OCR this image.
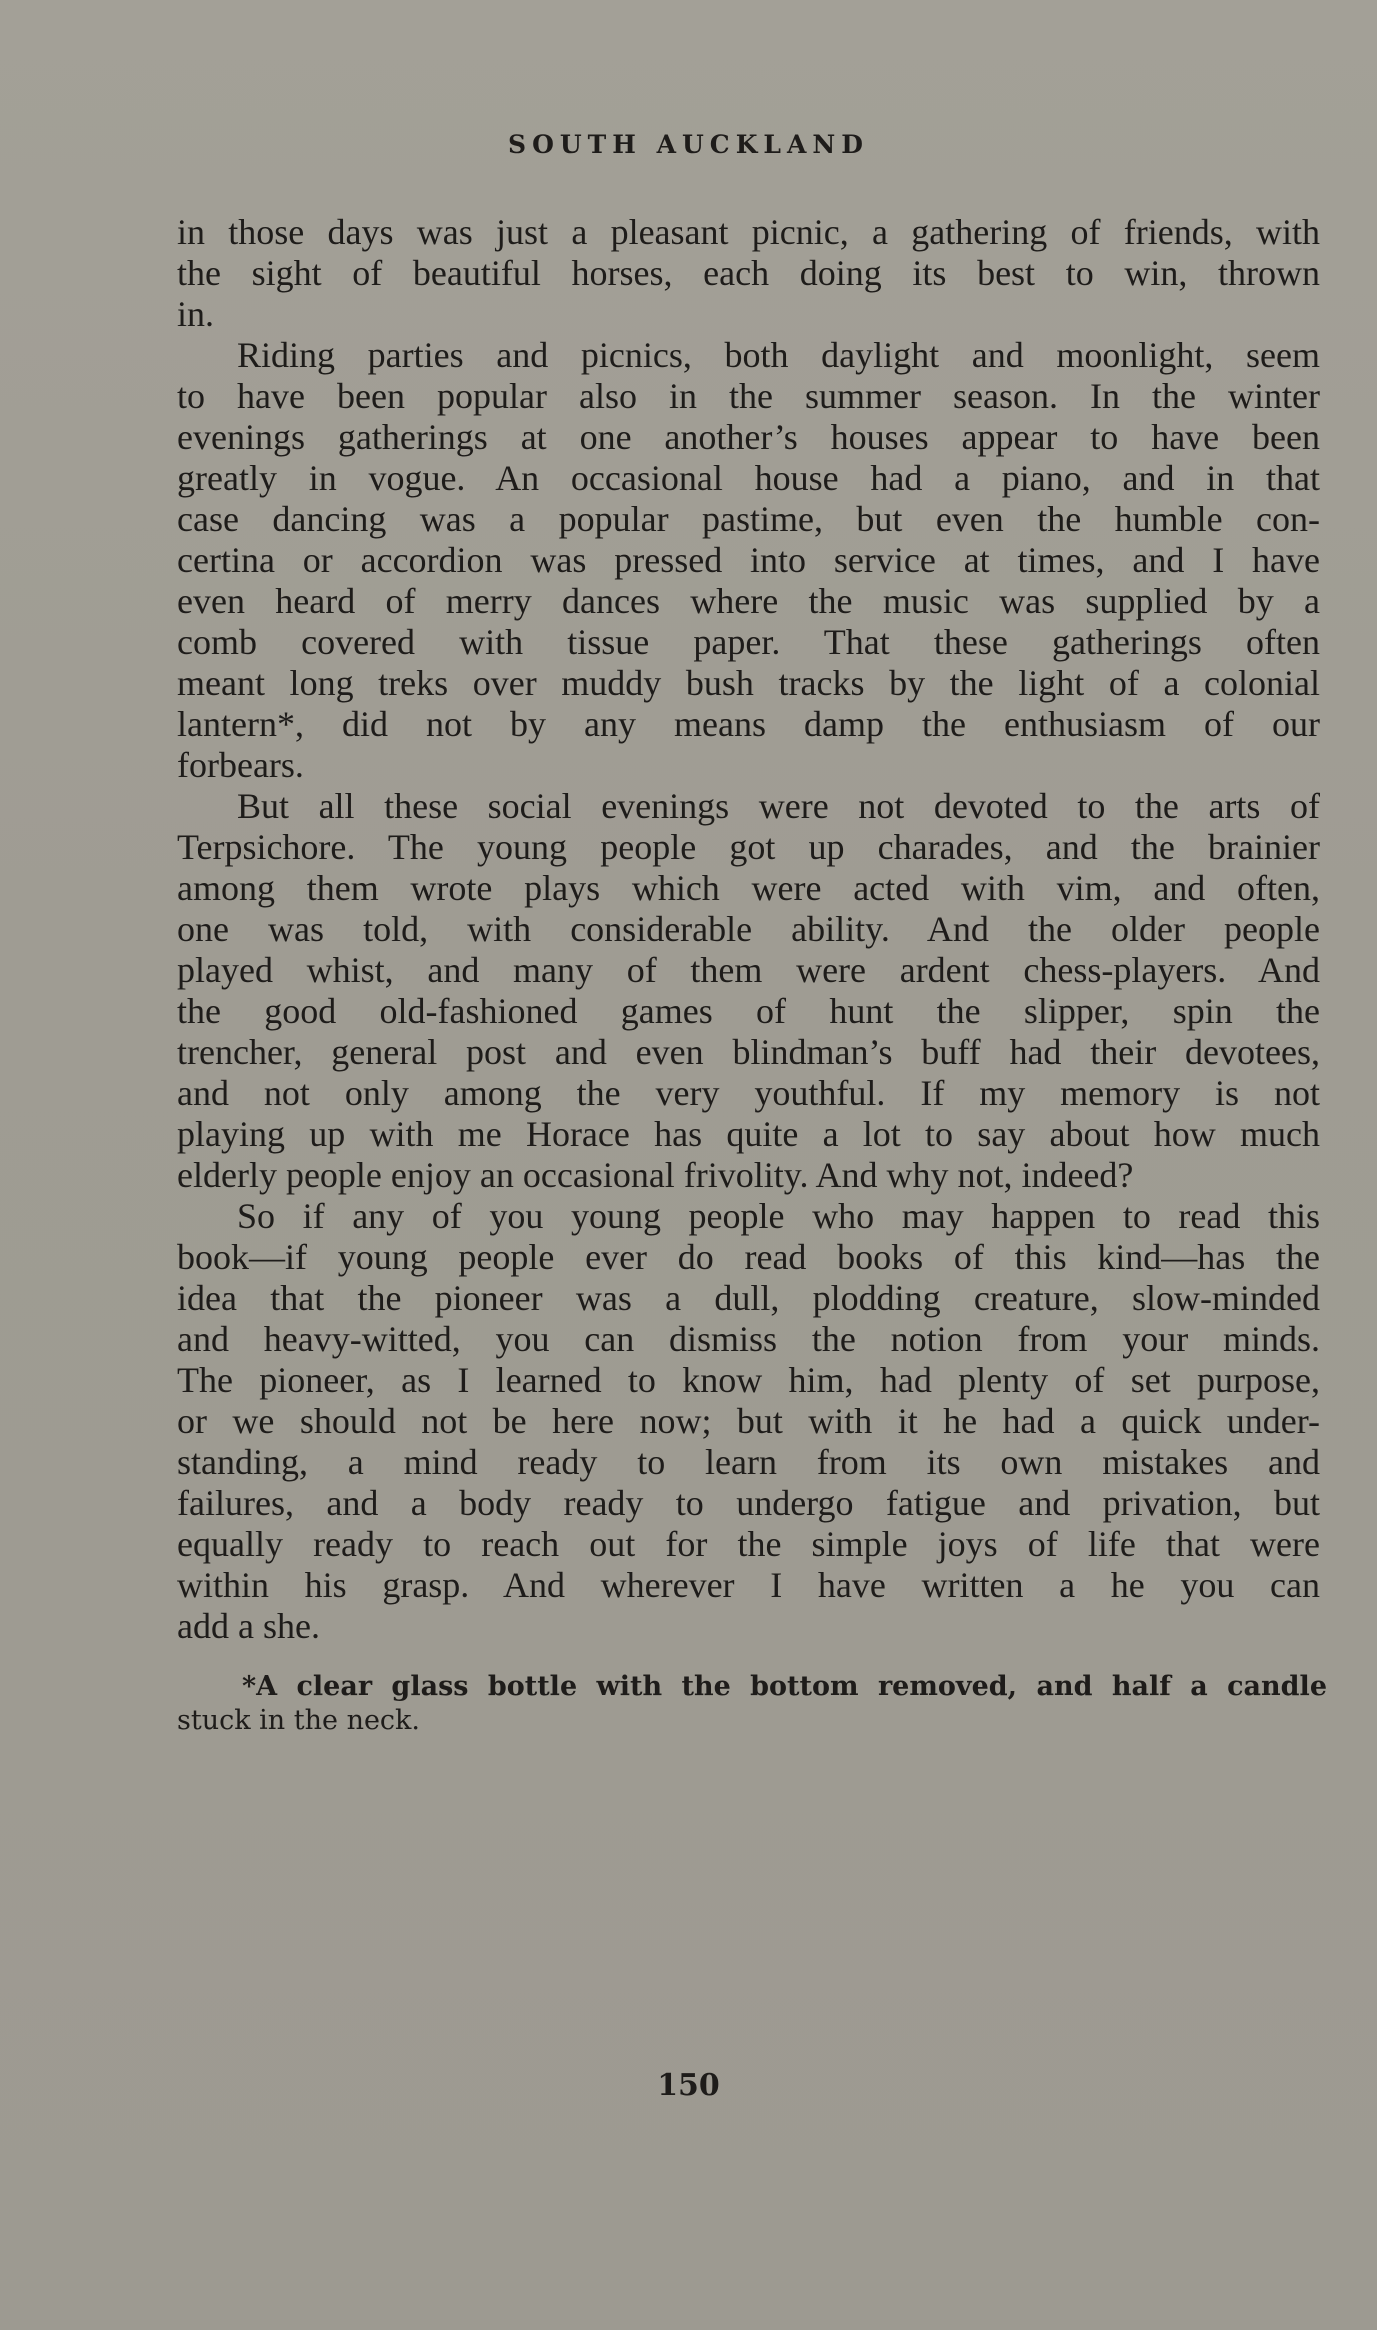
SOUTH AUCKLAND
in those days was just a pleasant picnic, a gathering of friends, with
the sight of beautiful horses, each doing its best to win, thrown
in.
Riding parties and picnics, both daylight and moonlight, seem
to have been popular also in the summer season. In the winter
evenings gatherings at one another’s houses appear to have been
greatly in vogue. An occasional house had a piano, and in that
case dancing was a popular pastime, but even the humble con-
certina or accordion was pressed into service at times, and I have
even heard of merry dances where the music was supplied by a
comb covered with tissue paper. That these gatherings often
meant long treks over muddy bush tracks by the light of a colonial
lantern*, did not by any means damp the enthusiasm of our
forbears.
But all these social evenings were not devoted to the arts of
Terpsichore. The young people got up charades, and the brainier
among them wrote plays which were acted with vim, and often,
one was told, with considerable ability. And the older people
played whist, and many of them were ardent chess-players. And
the good old-fashioned games of hunt the slipper, spin the
trencher, general post and even blindman’s buff had their devotees,
and not only among the very youthful. If my memory is not
playing up with me Horace has quite a lot to say about how much
elderly people enjoy an occasional frivolity. And why not, indeed?
So if any of you young people who may happen to read this
book—if young people ever do read books of this kind—has the
idea that the pioneer was a dull, plodding creature, slow-minded
and heavy-witted, you can dismiss the notion from your minds.
The pioneer, as I learned to know him, had plenty of set purpose,
or we should not be here now; but with it he had a quick under-
standing, a mind ready to learn from its own mistakes and
failures, and a body ready to undergo fatigue and privation, but
equally ready to reach out for the simple joys of life that were
within his grasp. And wherever I have written a he you can
add a she.
*A clear glass bottle with the bottom removed, and half a candle
stuck in the neck.
150
